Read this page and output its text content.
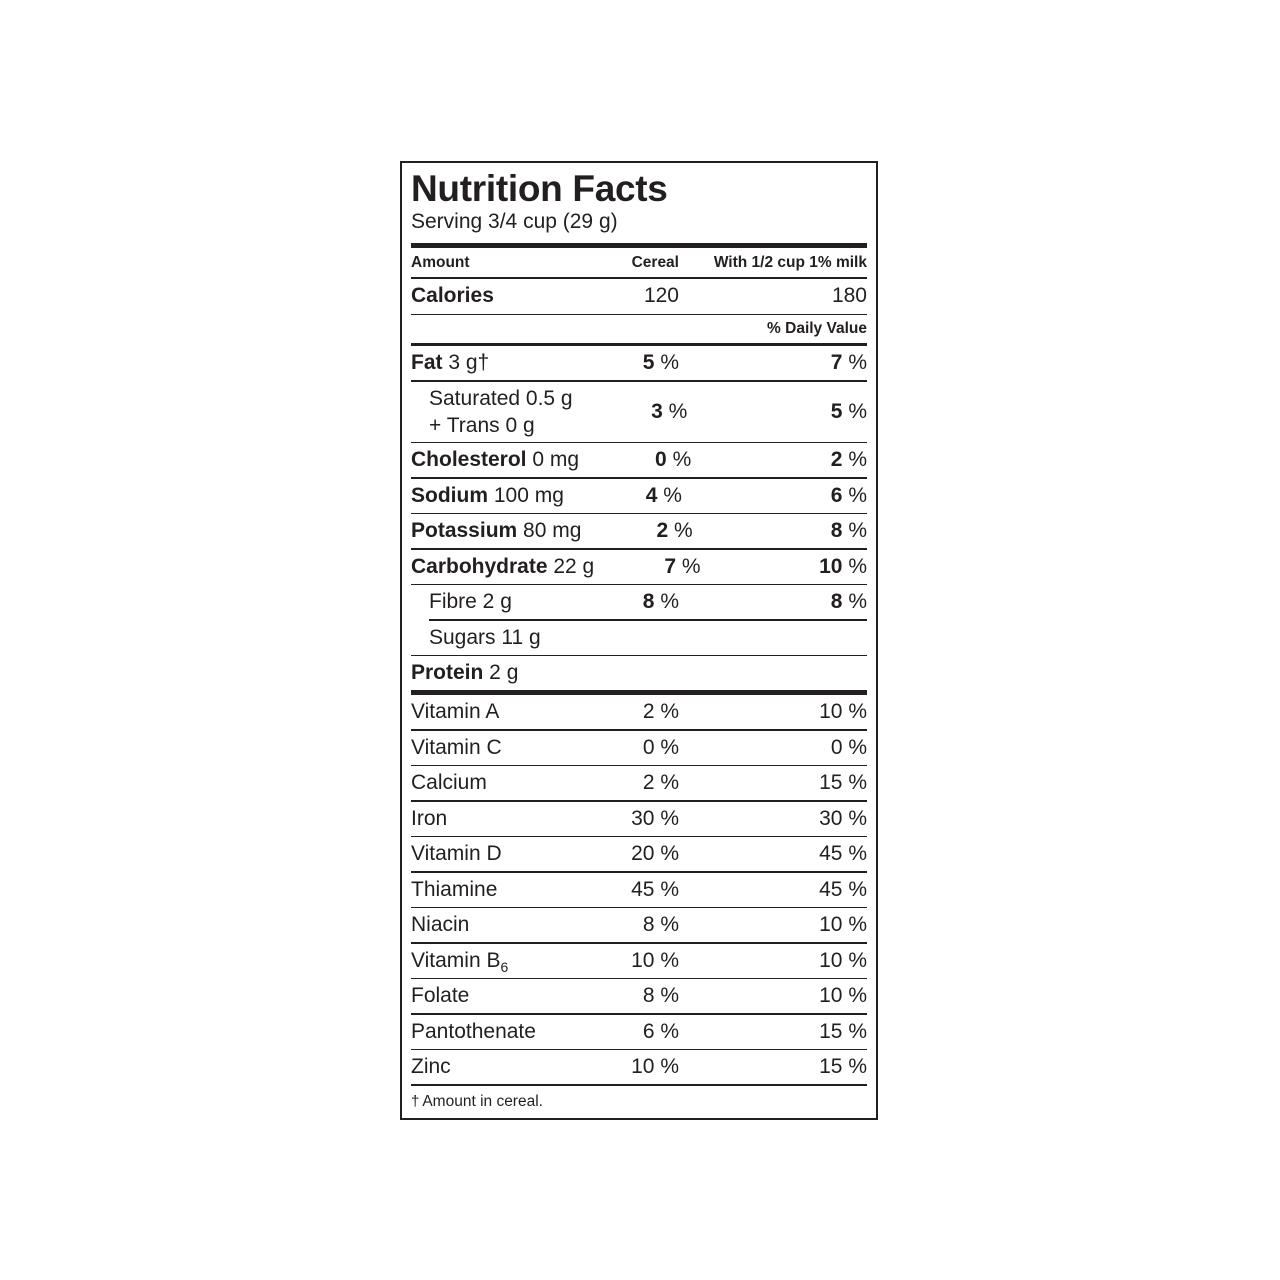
Nutrition Facts
Serving 3/4 cup (29 g)
Amount	Cereal	With 1/2 cup 1% milk
Calories	120	180
% Daily Value
Fat 3 g†	5 %	7 %
Saturated 0.5 g
+ Trans 0 g
3 %	5 %
Cholesterol 0 mg	0 %	2 %
Sodium 100 mg	4 %	6 %
Potassium 80 mg	2 %	8 %
Carbohydrate 22 g	7 %	10 %
Fibre 2 g	8 %	8 %
Sugars 11 g
Protein 2 g
Vitamin A	2 %	10 %
Vitamin C	0 %	0 %
Calcium	2 %	15 %
Iron	30 %	30 %
Vitamin D	20 %	45 %
Thiamine	45 %	45 %
Niacin	8 %	10 %
Vitamin $B_6$	10 %	10 %
Folate	8 %	10 %
Pantothenate	6 %	15 %
Zinc	10 %	15 %
† Amount in cereal.
